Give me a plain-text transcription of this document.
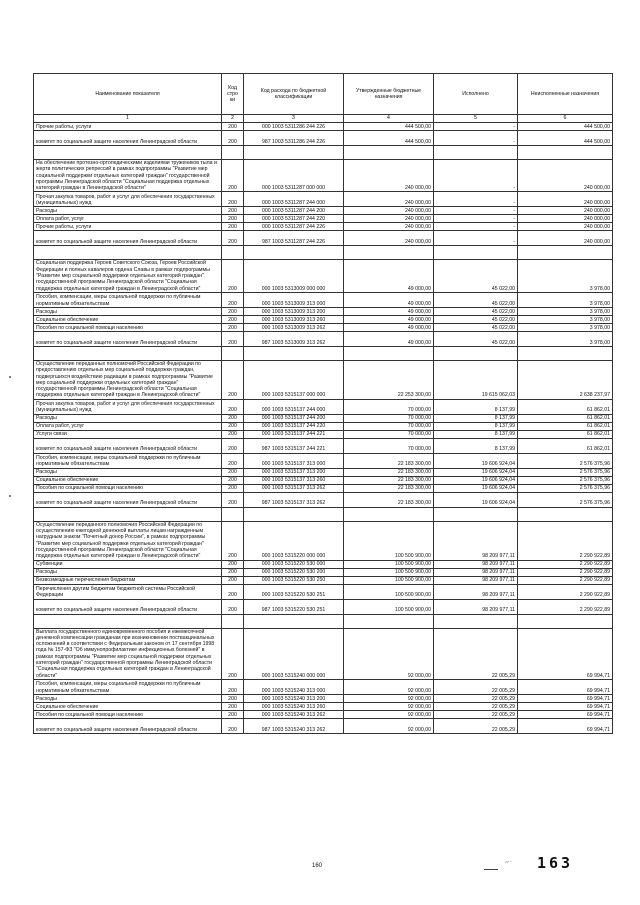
Наименование показателя	Код стро ки	Код расхода по бюджетной классификации	Утвержденные бюджетные назначения	Исполнено	Неисполненные назначения
1	2	3	4	5	6
Прочие работы, услуги	200	000 1003 5311286 244 226	444 500,00	-	444 500,00
комитет по социальной защите населения Ленинградской области	200	987 1003 5311286 244 226	444 500,00	-	444 500,00

На обеспечение протезно-ортопедическими изделиями тружеников тыла и жертв политических репрессий в рамках подпрограммы "Развитие мер социальной поддержки отдельных категорий граждан" государственной программы Ленинградской области "Социальная поддержка отдельных категорий граждан в Ленинградской области"	200	000 1003 5311287 000 000	240 000,00	-	240 000,00
Прочая закупка товаров, работ и услуг для обеспечения государственных (муниципальных) нужд	200	000 1003 5311287 244 000	240 000,00	-	240 000,00
Расходы	200	000 1003 5311287 244 200	240 000,00	-	240 000,00
Оплата работ, услуг	200	000 1003 5311287 244 220	240 000,00	-	240 000,00
Прочие работы, услуги	200	000 1003 5311287 244 226	240 000,00	-	240 000,00
комитет по социальной защите населения Ленинградской области	200	987 1003 5311287 244 226	240 000,00	-	240 000,00

Социальная поддержка Героев Советского Союза, Героев Российской Федерации и полных кавалеров ордена Славы в рамках подпрограммы "Развитие мер социальной поддержки отдельных категорий граждан" государственной программы Ленинградской области "Социальная поддержка отдельных категорий граждан в Ленинградской области"	200	000 1003 5313009 000 000	49 000,00	45 022,00	3 978,00
Пособия, компенсации, меры социальной поддержки по публичным нормативным обязательствам	200	000 1003 5313009 313 000	49 000,00	45 022,00	3 978,00
Расходы	200	000 1003 5313009 313 200	49 000,00	45 022,00	3 978,00
Социальное обеспечение	200	000 1003 5313009 313 260	49 000,00	45 022,00	3 978,00
Пособия по социальной помощи населению	200	000 1003 5313009 313 262	49 000,00	45 022,00	3 978,00
комитет по социальной защите населения Ленинградской области	200	987 1003 5313009 313 262	49 000,00	45 022,00	3 978,00

Осуществление переданных полномочий Российской Федерации по предоставлению отдельных мер социальной поддержки граждан, подвергшихся воздействию радиации в рамках подпрограммы "Развитие мер социальной поддержки отдельных категорий граждан" государственной программы Ленинградской области "Социальная поддержка отдельных категорий граждан в Ленинградской области"	200	000 1003 5315137 000 000	22 253 300,00	19 615 062,03	2 638 237,97
Прочая закупка товаров, работ и услуг для обеспечения государственных (муниципальных) нужд	200	000 1003 5315137 244 000	70 000,00	8 137,99	61 862,01
Расходы	200	000 1003 5315137 244 200	70 000,00	8 137,99	61 862,01
Оплата работ, услуг	200	000 1003 5315137 244 220	70 000,00	8 137,99	61 862,01
Услуги связи	200	000 1003 5315137 244 221	70 000,00	8 137,99	61 862,01
комитет по социальной защите населения Ленинградской области	200	987 1003 5315137 244 221	70 000,00	8 137,99	61 862,01
Пособия, компенсации, меры социальной поддержки по публичным нормативным обязательствам	200	000 1003 5315137 313 000	22 183 300,00	19 606 924,04	2 576 375,96
Расходы	200	000 1003 5315137 313 200	22 183 300,00	19 606 924,04	2 576 375,96
Социальное обеспечение	200	000 1003 5315137 313 260	22 183 300,00	19 606 924,04	2 576 375,96
Пособия по социальной помощи населению	200	000 1003 5315137 313 262	22 183 300,00	19 606 924,04	2 576 375,96
комитет по социальной защите населения Ленинградской области	200	987 1003 5315137 313 262	22 183 300,00	19 606 924,04	2 576 375,96

Осуществление переданного полномочия Российской Федерации по осуществлению ежегодной денежной выплаты лицам награжденным нагрудным знаком "Почетный донор России", в рамках подпрограммы "Развитие мер социальной поддержки отдельных категорий граждан" государственной программы Ленинградской области "Социальная поддержка отдельных категорий граждан в Ленинградской области"	200	000 1003 5315220 000 000	100 500 900,00	98 209 977,11	2 290 922,89
Субвенции	200	000 1003 5315220 530 000	100 500 900,00	98 209 977,11	2 290 922,89
Расходы	200	000 1003 5315220 530 200	100 500 900,00	98 209 977,11	2 290 922,89
Безвозмездные перечисления бюджетам	200	000 1003 5315220 530 250	100 500 900,00	98 209 977,11	2 290 922,89
Перечисления другим бюджетам бюджетной системы Российской Федерации	200	000 1003 5315220 530 251	100 500 900,00	98 209 977,11	2 290 922,89
комитет по социальной защите населения Ленинградской области	200	987 1003 5315220 530 251	100 500 900,00	98 209 977,11	2 290 922,89

Выплата государственного единовременного пособия и ежемесячной денежной компенсации гражданам при возникновении поствакцинальных осложнений в соответствии с Федеральным законом от 17 сентября 1998 года № 157-ФЗ "Об иммунопрофилактике инфекционных болезней" в рамках подпрограммы "Развитие мер социальной поддержки отдельных категорий граждан" государственной программы Ленинградской области "Социальная поддержка отдельных категорий граждан в Ленинградской области"	200	000 1003 5315240 000 000	92 000,00	22 005,29	69 994,71
Пособия, компенсации, меры социальной поддержки по публичным нормативным обязательствам	200	000 1003 5315240 313 000	92 000,00	22 005,29	69 994,71
Расходы	200	000 1003 5315240 313 200	92 000,00	22 005,29	69 994,71
Социальное обеспечение	200	000 1003 5315240 313 260	92 000,00	22 005,29	69 994,71
Пособия по социальной помощи населению	200	000 1003 5315240 313 262	92 000,00	22 005,29	69 994,71
комитет по социальной защите населения Ленинградской области	200	987 1003 5315240 313 262	92 000,00	22 005,29	69 994,71
160	~· 163
